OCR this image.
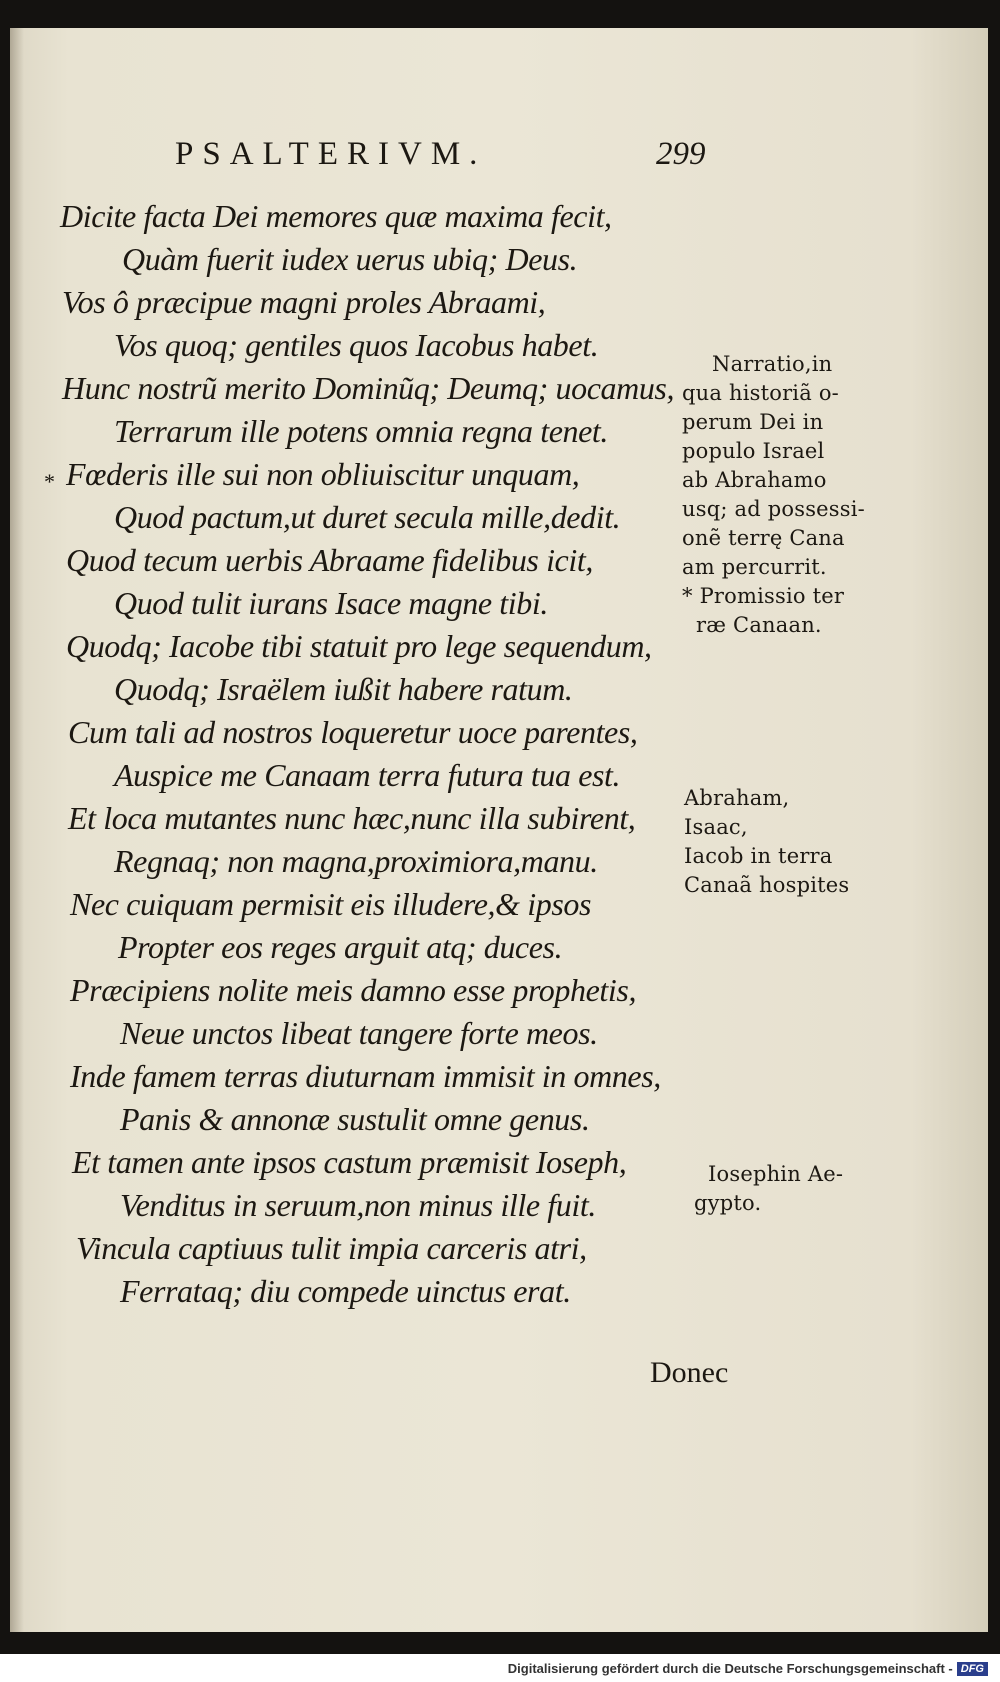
PSALTERIVM.	299
Dicite facta Dei memores quæ maxima fecit,
Quàm fuerit iudex uerus ubiq; Deus.
Vos ô præcipue magni proles Abraami,
Vos quoq; gentiles quos Iacobus habet.
Hunc nostrũ merito Dominũq; Deumq; uocamus,
Terrarum ille potens omnia regna tenet.
* Fœderis ille sui non obliuiscitur unquam,
Quod pactum,ut duret secula mille,dedit.
Quod tecum uerbis Abraame fidelibus icit,
Quod tulit iurans Isace magne tibi.
Quodq; Iacobe tibi statuit pro lege sequendum,
Quodq; Israëlem iußit habere ratum.
Cum tali ad nostros loqueretur uoce parentes,
Auspice me Canaam terra futura tua est.
Et loca mutantes nunc hæc,nunc illa subirent,
Regnaq; non magna,proximiora,manu.
Nec cuiquam permisit eis illudere,& ipsos
Propter eos reges arguit atq; duces.
Præcipiens nolite meis damno esse prophetis,
Neue unctos libeat tangere forte meos.
Inde famem terras diuturnam immisit in omnes,
Panis & annonæ sustulit omne genus.
Et tamen ante ipsos castum præmisit Ioseph,
Venditus in seruum,non minus ille fuit.
Vincula captiuus tulit impia carceris atri,
Ferrataq; diu compede uinctus erat.
Narratio,in
qua historiã o-
perum Dei in
populo Israel
ab Abrahamo
usq; ad possessi-
onẽ terrę Cana
am percurrit.
* Promissio ter
ræ Canaan.
Abraham,
Isaac,
Iacob in terra
Canaã hospites
Iosephin Ae-
gypto.
Donec
Digitalisierung gefördert durch die Deutsche Forschungsgemeinschaft - DFG
